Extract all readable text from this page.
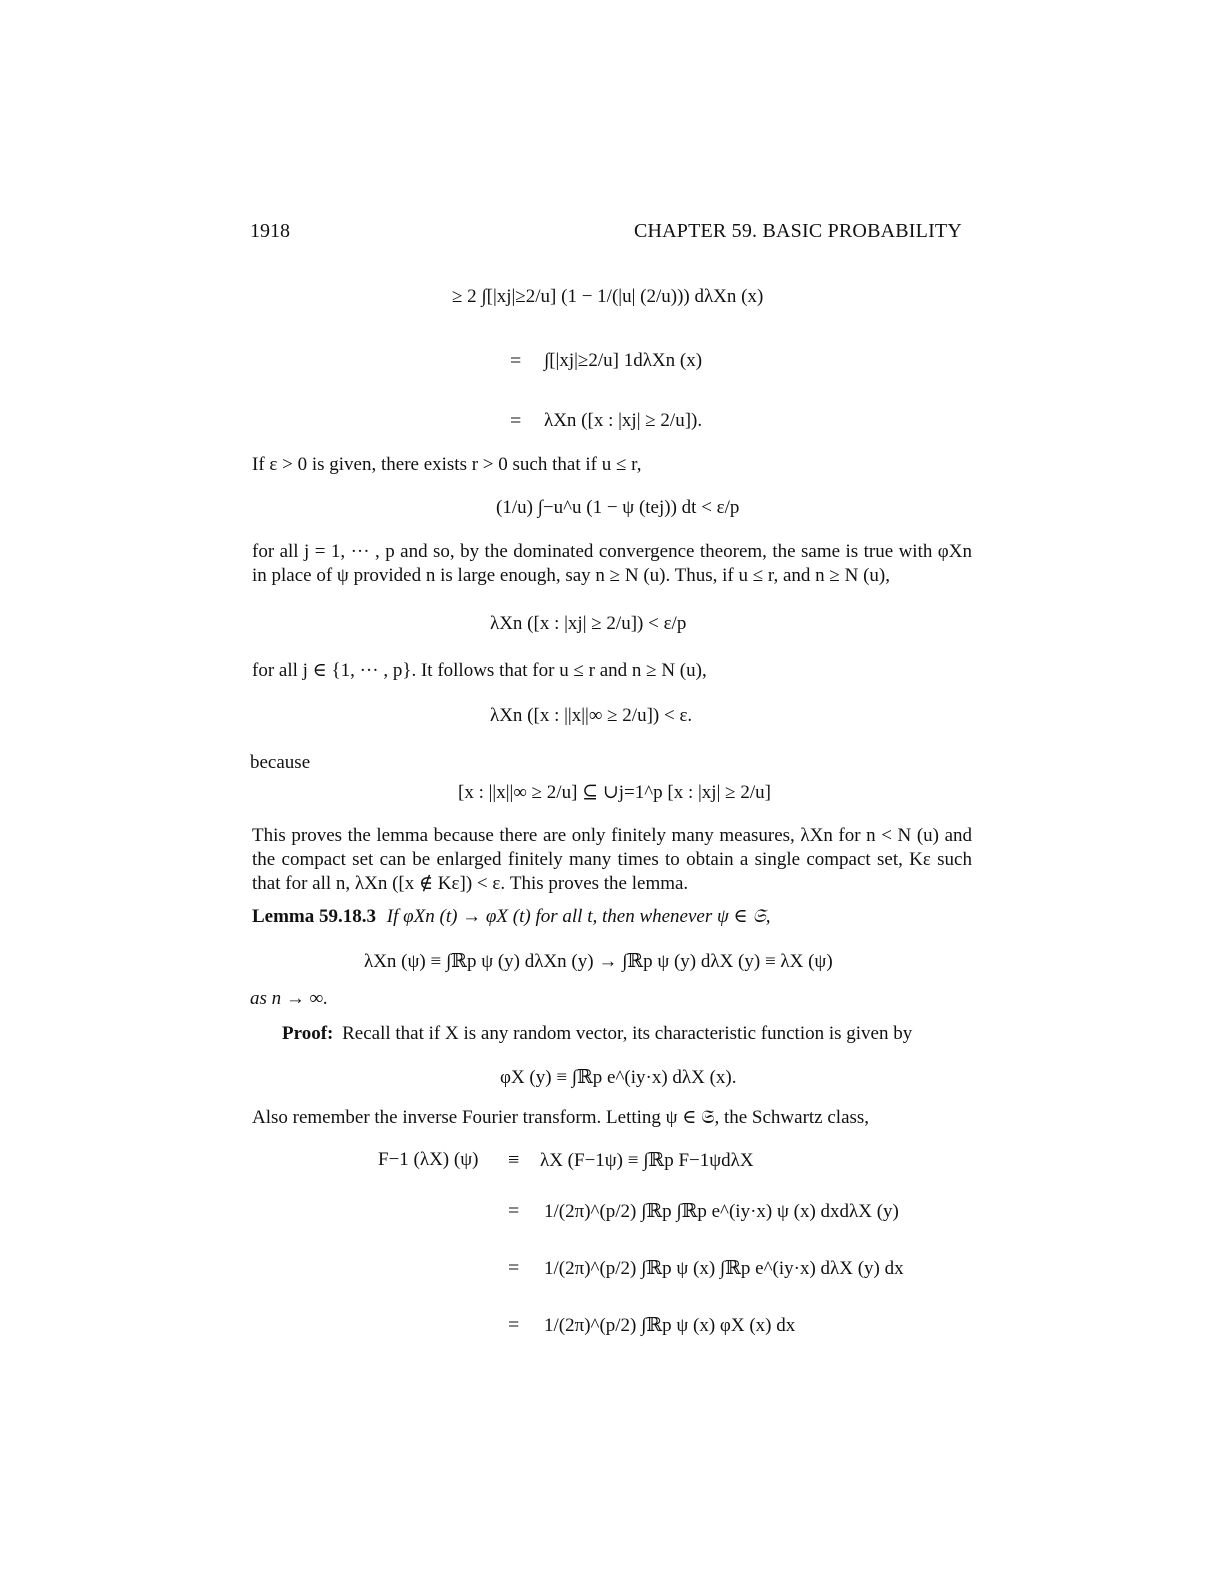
1918	CHAPTER 59. BASIC PROBABILITY
≥ 2 ∫[|xj|≥2/u] (1 − 1/(|u| (2/u))) dλXn (x)
= ∫[|xj|≥2/u] 1dλXn (x)
= λXn ([x : |xj| ≥ 2/u]).
If ε > 0 is given, there exists r > 0 such that if u ≤ r,
(1/u) ∫−u^u (1 − ψ (tej)) dt < ε/p
for all j = 1, ··· , p and so, by the dominated convergence theorem, the same is true with φXn in place of ψ provided n is large enough, say n ≥ N (u). Thus, if u ≤ r, and n ≥ N (u),
λXn ([x : |xj| ≥ 2/u]) < ε/p
for all j ∈ {1, ··· , p}. It follows that for u ≤ r and n ≥ N (u),
λXn ([x : ||x||∞ ≥ 2/u]) < ε.
because
[x : ||x||∞ ≥ 2/u] ⊆ ∪j=1^p [x : |xj| ≥ 2/u]
This proves the lemma because there are only finitely many measures, λXn for n < N (u) and the compact set can be enlarged finitely many times to obtain a single compact set, Kε such that for all n, λXn ([x ∉ Kε]) < ε. This proves the lemma.
Lemma 59.18.3 If φXn (t) → φX (t) for all t, then whenever ψ ∈ 𝔖,
λXn (ψ) ≡ ∫ℝp ψ (y) dλXn (y) → ∫ℝp ψ (y) dλX (y) ≡ λX (ψ)
as n → ∞.
Proof: Recall that if X is any random vector, its characteristic function is given by
φX (y) ≡ ∫ℝp e^(iy·x) dλX (x).
Also remember the inverse Fourier transform. Letting ψ ∈ 𝔖, the Schwartz class,
F−1 (λX) (ψ) ≡ λX (F−1ψ) ≡ ∫ℝp F−1ψdλX
= 1/(2π)^(p/2) ∫ℝp ∫ℝp e^(iy·x) ψ (x) dxdλX (y)
= 1/(2π)^(p/2) ∫ℝp ψ (x) ∫ℝp e^(iy·x) dλX (y) dx
= 1/(2π)^(p/2) ∫ℝp ψ (x) φX (x) dx
